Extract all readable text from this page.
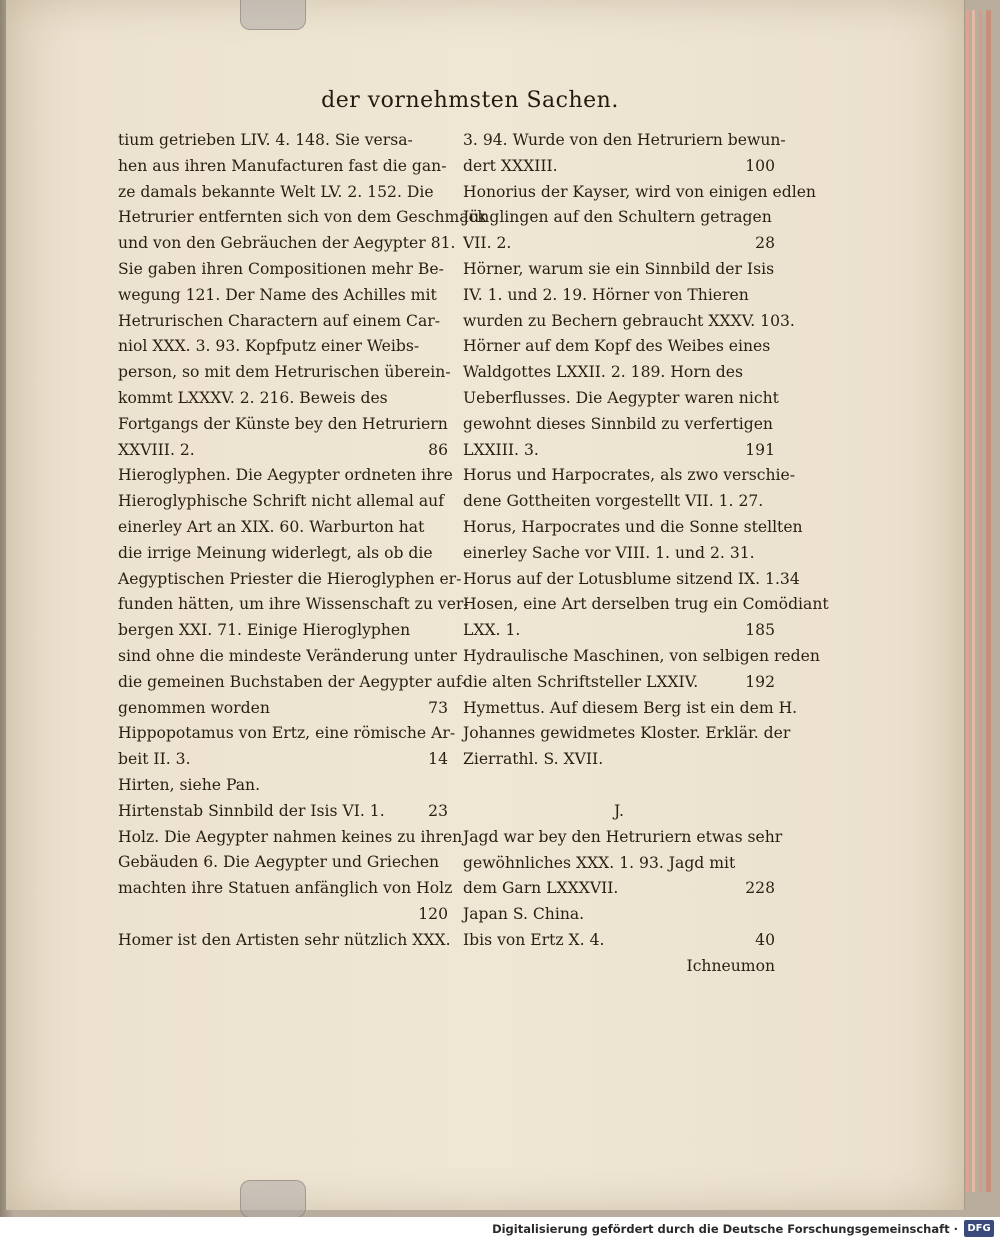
der vornehmsten Sachen.
tium getrieben LIV. 4. 148. Sie versa-
hen aus ihren Manufacturen fast die gan-
ze damals bekannte Welt LV. 2. 152. Die
Hetrurier entfernten sich von dem Geschmack
und von den Gebräuchen der Aegypter 81.
Sie gaben ihren Compositionen mehr Be-
wegung 121. Der Name des Achilles mit
Hetrurischen Charactern auf einem Car-
niol XXX. 3. 93. Kopfputz einer Weibs-
person, so mit dem Hetrurischen überein-
kommt LXXXV. 2. 216. Beweis des
Fortgangs der Künste bey den Hetruriern
XXVIII. 2.	86
Hieroglyphen. Die Aegypter ordneten ihre
Hieroglyphische Schrift nicht allemal auf
einerley Art an XIX. 60. Warburton hat
die irrige Meinung widerlegt, als ob die
Aegyptischen Priester die Hieroglyphen er-
funden hätten, um ihre Wissenschaft zu ver-
bergen XXI. 71. Einige Hieroglyphen
sind ohne die mindeste Veränderung unter
die gemeinen Buchstaben der Aegypter auf-
genommen worden	73
Hippopotamus von Ertz, eine römische Ar-
beit II. 3.	14
Hirten, siehe Pan.
Hirtenstab Sinnbild der Isis VI. 1.	23
Holz. Die Aegypter nahmen keines zu ihren
Gebäuden 6. Die Aegypter und Griechen
machten ihre Statuen anfänglich von Holz
120
Homer ist den Artisten sehr nützlich XXX.
3. 94. Wurde von den Hetruriern bewun-
dert XXXIII.	100
Honorius der Kayser, wird von einigen edlen
Jünglingen auf den Schultern getragen
VII. 2.	28
Hörner, warum sie ein Sinnbild der Isis
IV. 1. und 2. 19. Hörner von Thieren
wurden zu Bechern gebraucht XXXV. 103.
Hörner auf dem Kopf des Weibes eines
Waldgottes LXXII. 2. 189. Horn des
Ueberflusses. Die Aegypter waren nicht
gewohnt dieses Sinnbild zu verfertigen
LXXIII. 3.	191
Horus und Harpocrates, als zwo verschie-
dene Gottheiten vorgestellt VII. 1. 27.
Horus, Harpocrates und die Sonne stellten
einerley Sache vor VIII. 1. und 2. 31.
Horus auf der Lotusblume sitzend IX. 1. 34
Hosen, eine Art derselben trug ein Comödiant
LXX. 1.	185
Hydraulische Maschinen, von selbigen reden
die alten Schriftsteller LXXIV.	192
Hymettus. Auf diesem Berg ist ein dem H.
Johannes gewidmetes Kloster. Erklär. der
Zierrathl. S. XVII.
J.
Jagd war bey den Hetruriern etwas sehr
gewöhnliches XXX. 1. 93. Jagd mit
dem Garn LXXXVII.	228
Japan S. China.
Ibis von Ertz X. 4.	40
Ichneumon
Digitalisierung gefördert durch die Deutsche Forschungsgemeinschaft · DFG
